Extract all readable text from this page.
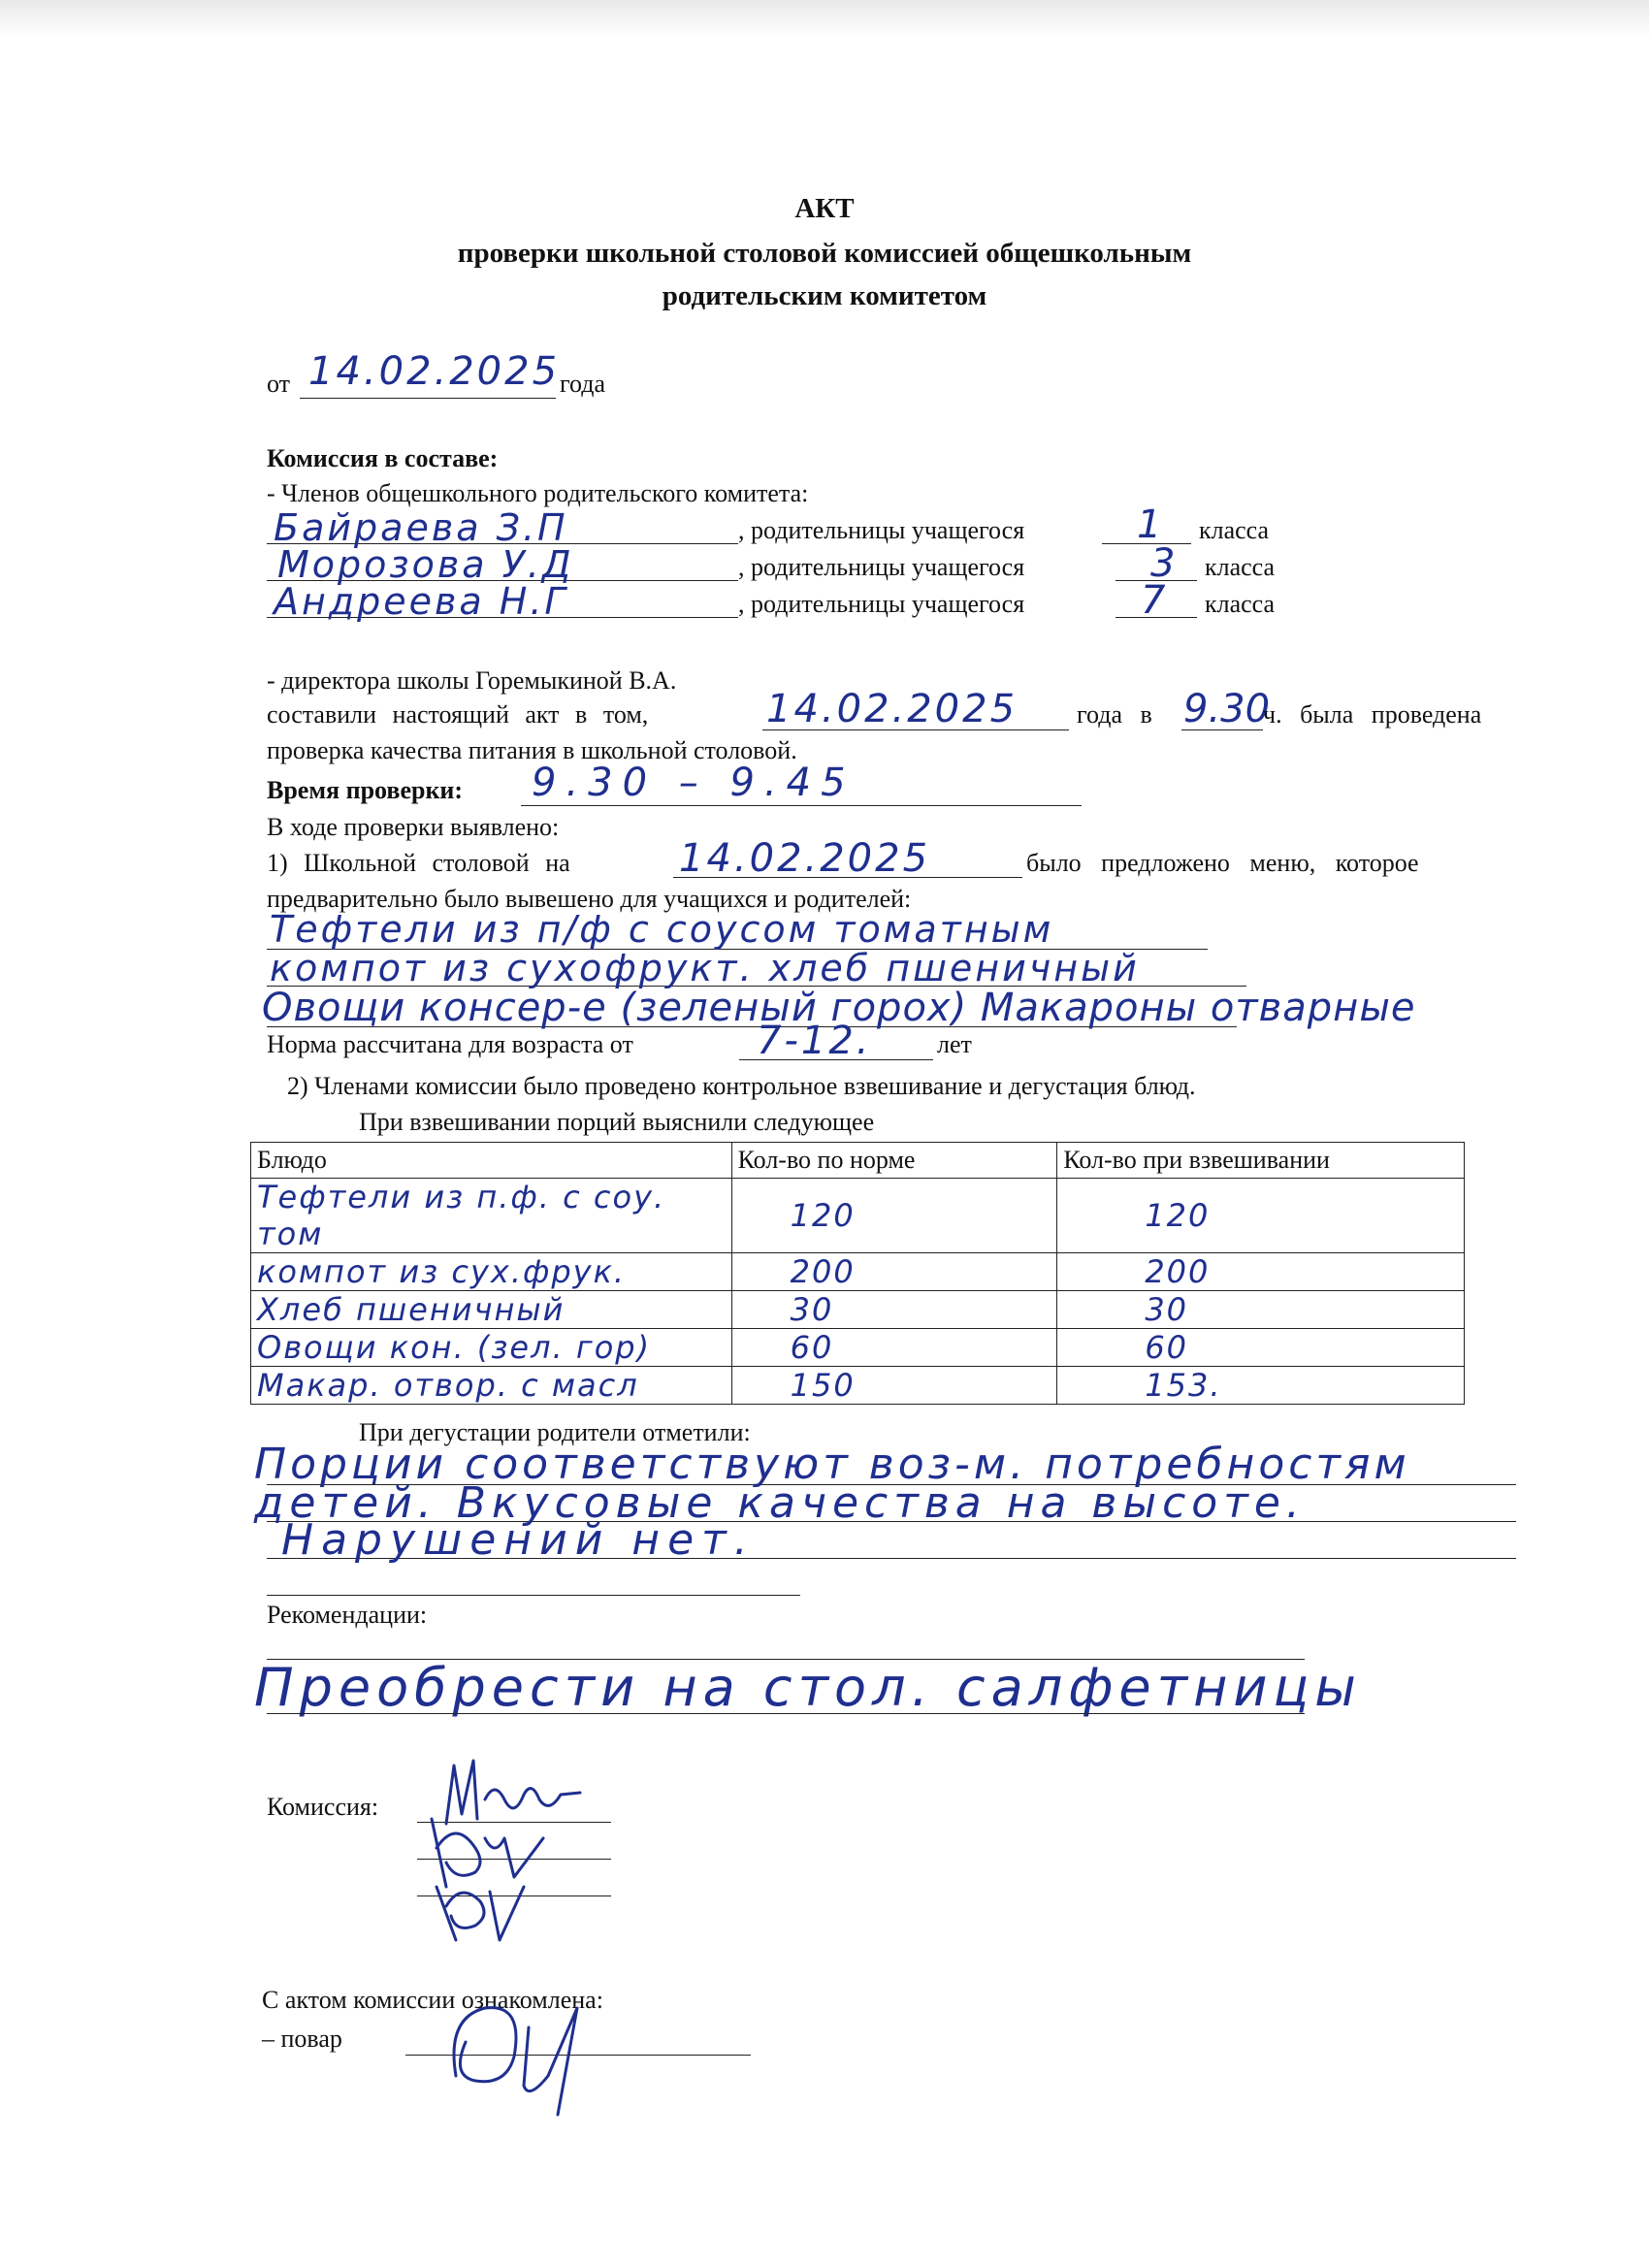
АКТ
проверки школьной столовой комиссией общешкольным
родительским комитетом
от 14.02.2025 года
Комиссия в составе:
- Членов общешкольного родительского комитета:
Байраева З.П	, родительницы учащегося	1 класса
Морозова У.Д	, родительницы учащегося	3 класса
Андреева Н.Г	, родительницы учащегося	7 класса
- директора школы Горемыкиной В.А.
составили настоящий акт в том,	14.02.2025 года в 9.30
ч. была проведена
проверка качества питания в школьной столовой.
Время проверки: 9.30 – 9.45
В ходе проверки выявлено:
1) Школьной столовой на	14.02.2025	было предложено меню, которое
предварительно было вывешено для учащихся и родителей:
Тефтели из п/ф с соусом томатным
компот из сухофрукт. хлеб пшеничный
Овощи консер-е (зеленый горох) Макароны отварные
Норма рассчитана для возраста от	7-12.	лет
2) Членами комиссии было проведено контрольное взвешивание и дегустация блюд.
При взвешивании порций выяснили следующее
Блюдо	Кол-во по норме	Кол-во при взвешивании
Тефтели из п.ф. с соу. том	120	120
компот из сух.фрук.	200	200
Хлеб пшеничный	30	30
Овощи кон. (зел. гор)	60	60
Макар. отвор. с масл	150	153.
При дегустации родители отметили:
Порции соответствуют воз-м. потребностям
детей. Вкусовые качества на высоте.
Нарушений нет.
Рекомендации:
Преобрести на стол. салфетницы
Комиссия:
С актом комиссии ознакомлена:
– повар
